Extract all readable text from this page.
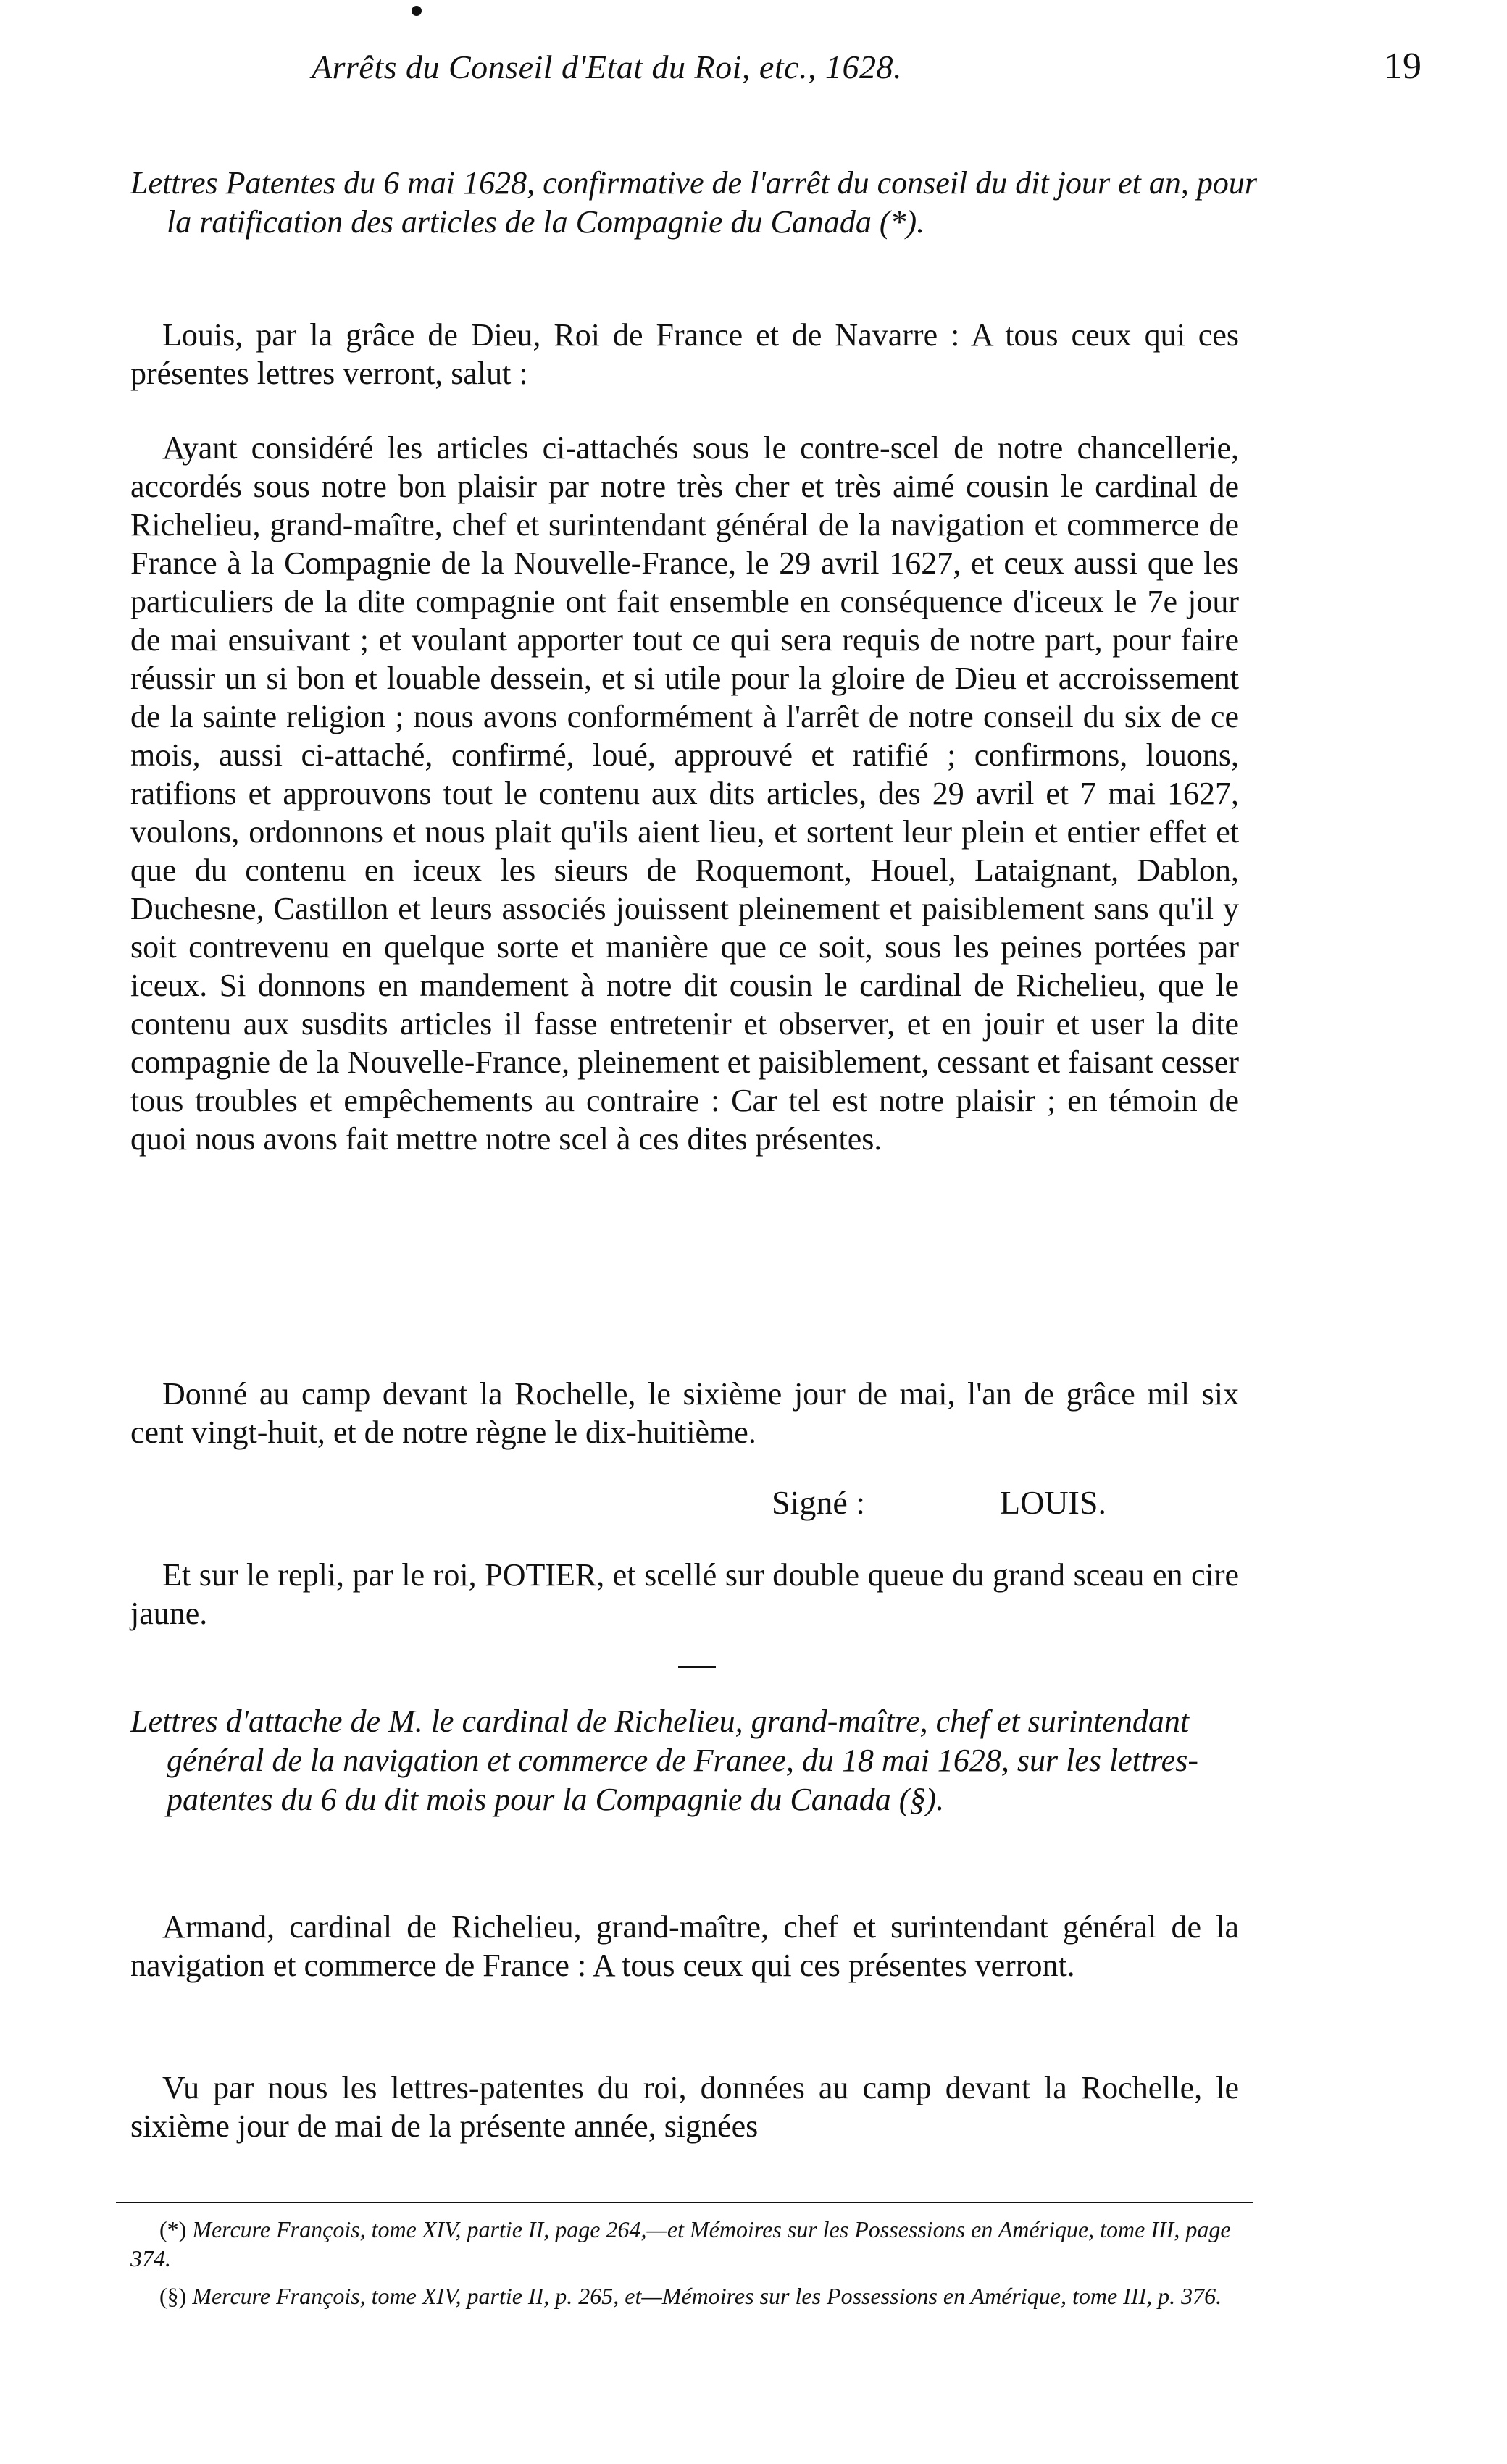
Arrêts du Conseil d'Etat du Roi, etc., 1628.	19
Lettres Patentes du 6 mai 1628, confirmative de l'arrêt du conseil du dit jour et an, pour la ratification des articles de la Compagnie du Canada (*).
Louis, par la grâce de Dieu, Roi de France et de Navarre : A tous ceux qui ces présentes lettres verront, salut :
Ayant considéré les articles ci-attachés sous le contre-scel de notre chancellerie, accordés sous notre bon plaisir par notre très cher et très aimé cousin le cardinal de Richelieu, grand-maître, chef et surintendant général de la navigation et commerce de France à la Compagnie de la Nouvelle-France, le 29 avril 1627, et ceux aussi que les particuliers de la dite compagnie ont fait ensemble en conséquence d'iceux le 7e jour de mai ensuivant ; et voulant apporter tout ce qui sera requis de notre part, pour faire réussir un si bon et louable dessein, et si utile pour la gloire de Dieu et accroissement de la sainte religion ; nous avons conformément à l'arrêt de notre conseil du six de ce mois, aussi ci-attaché, confirmé, loué, approuvé et ratifié ; confirmons, louons, ratifions et approuvons tout le contenu aux dits articles, des 29 avril et 7 mai 1627, voulons, ordonnons et nous plait qu'ils aient lieu, et sortent leur plein et entier effet et que du contenu en iceux les sieurs de Roquemont, Houel, Lataignant, Dablon, Duchesne, Castillon et leurs associés jouissent pleinement et paisiblement sans qu'il y soit contrevenu en quelque sorte et manière que ce soit, sous les peines portées par iceux. Si donnons en mandement à notre dit cousin le cardinal de Richelieu, que le contenu aux susdits articles il fasse entretenir et observer, et en jouir et user la dite compagnie de la Nouvelle-France, pleinement et paisiblement, cessant et faisant cesser tous troubles et empêchements au contraire : Car tel est notre plaisir ; en témoin de quoi nous avons fait mettre notre scel à ces dites présentes.
Donné au camp devant la Rochelle, le sixième jour de mai, l'an de grâce mil six cent vingt-huit, et de notre règne le dix-huitième.
Signé :	LOUIS.
Et sur le repli, par le roi, POTIER, et scellé sur double queue du grand sceau en cire jaune.
Lettres d'attache de M. le cardinal de Richelieu, grand-maître, chef et surintendant général de la navigation et commerce de Franee, du 18 mai 1628, sur les lettres-patentes du 6 du dit mois pour la Compagnie du Canada (§).
Armand, cardinal de Richelieu, grand-maître, chef et surintendant général de la navigation et commerce de France : A tous ceux qui ces présentes verront.
Vu par nous les lettres-patentes du roi, données au camp devant la Rochelle, le sixième jour de mai de la présente année, signées
(*) Mercure François, tome XIV, partie II, page 264,—et Mémoires sur les Possessions en Amérique, tome III, page 374.
(§) Mercure François, tome XIV, partie II, p. 265, et—Mémoires sur les Possessions en Amérique, tome III, p. 376.
